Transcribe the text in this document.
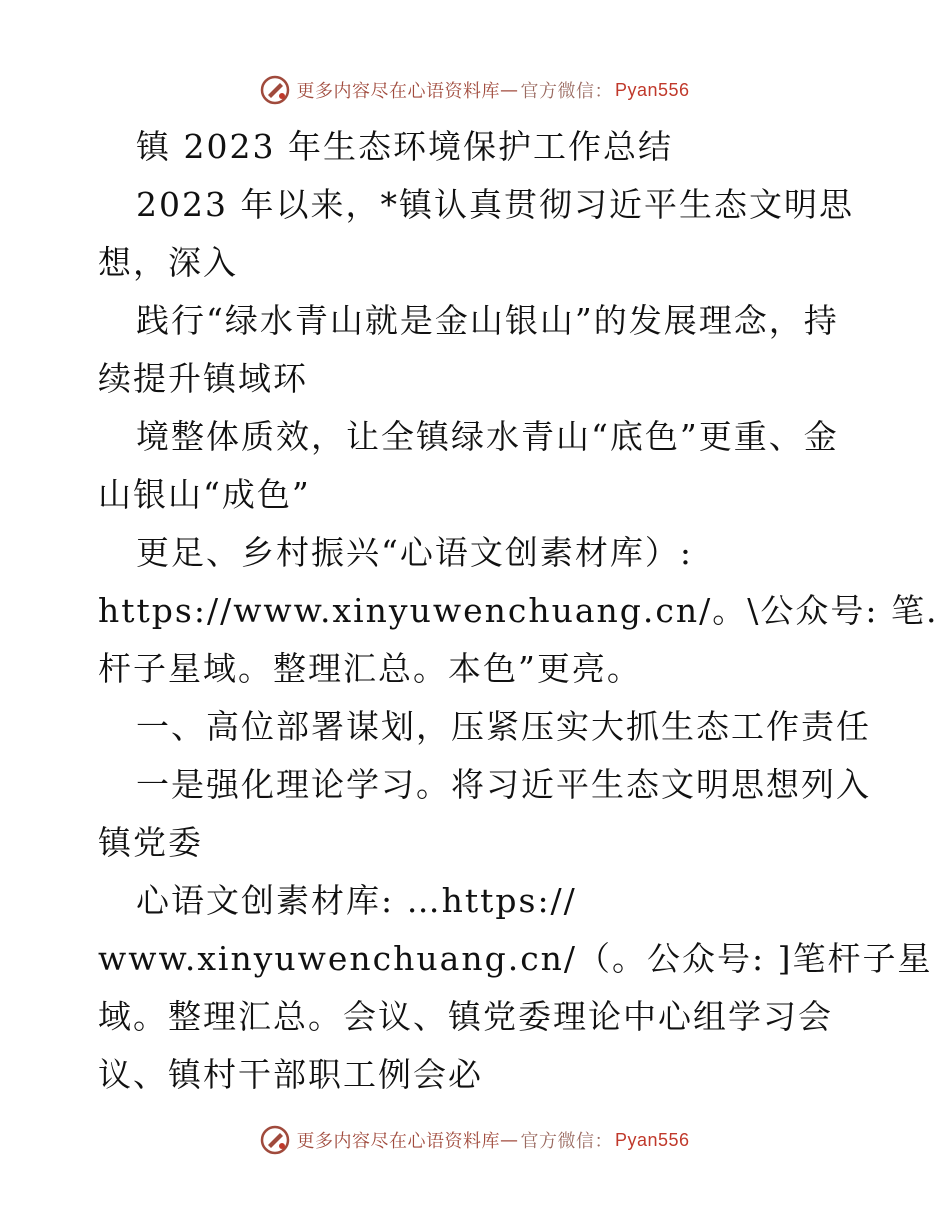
更多内容尽在心语资料库 — 官方微信： Pyan556
镇 2023 年生态环境保护工作总结
2023 年以来，*镇认真贯彻习近平生态文明思
想，深入
践行“绿水青山就是金山银山”的发展理念，持
续提升镇域环
境整体质效，让全镇绿水青山“底色”更重、金
山银山“成色”
更足、乡村振兴“心语文创素材库）:
https://www.xinyuwenchuang.cn/。\公众号: 笔.
杆子星域。整理汇总。本色”更亮。
一、高位部署谋划，压紧压实大抓生态工作责任
一是强化理论学习。将习近平生态文明思想列入
镇党委
心语文创素材库: …https://
www.xinyuwenchuang.cn/（。公众号: ]笔杆子星
域。整理汇总。会议、镇党委理论中心组学习会
议、镇村干部职工例会必
更多内容尽在心语资料库 — 官方微信： Pyan556
